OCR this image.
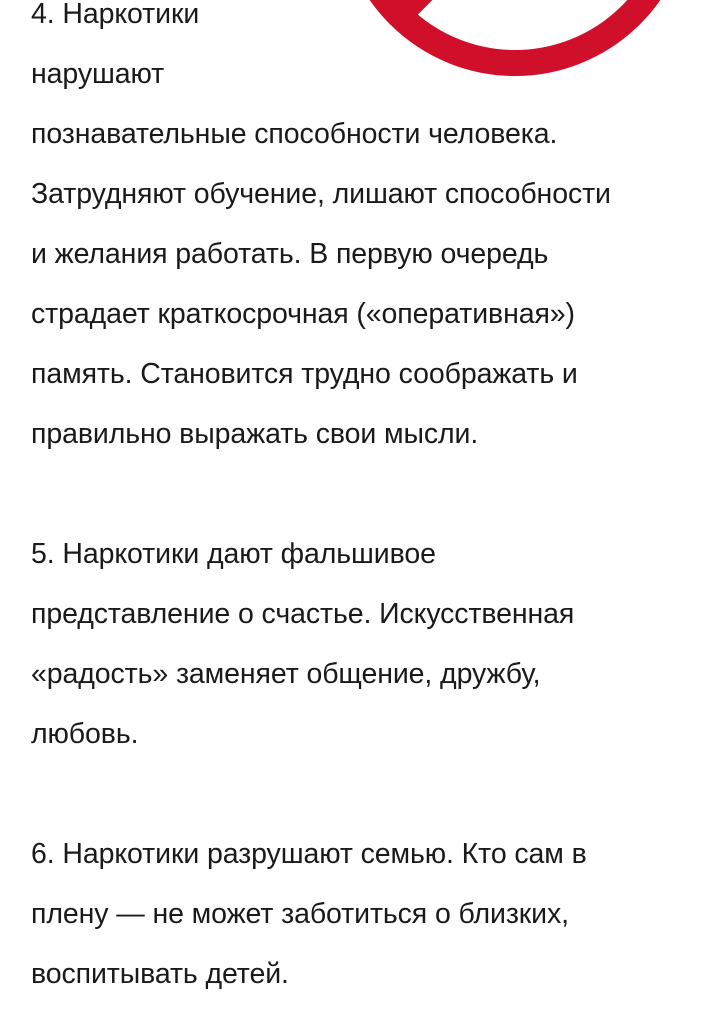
4. Наркотики

нарушают

познавательные способности человека.

Затрудняют обучение, лишают способности

и желания работать. В первую очередь

страдает краткосрочная («оперативная»)

память. Становится трудно соображать и

правильно выражать свои мысли.

5. Наркотики дают фальшивое

представление о счастье. Искусственная

«радость» заменяет общение, дружбу,

любовь.

6. Наркотики разрушают семью. Кто сам в

плену — не может заботиться о близких,

воспитывать детей.
